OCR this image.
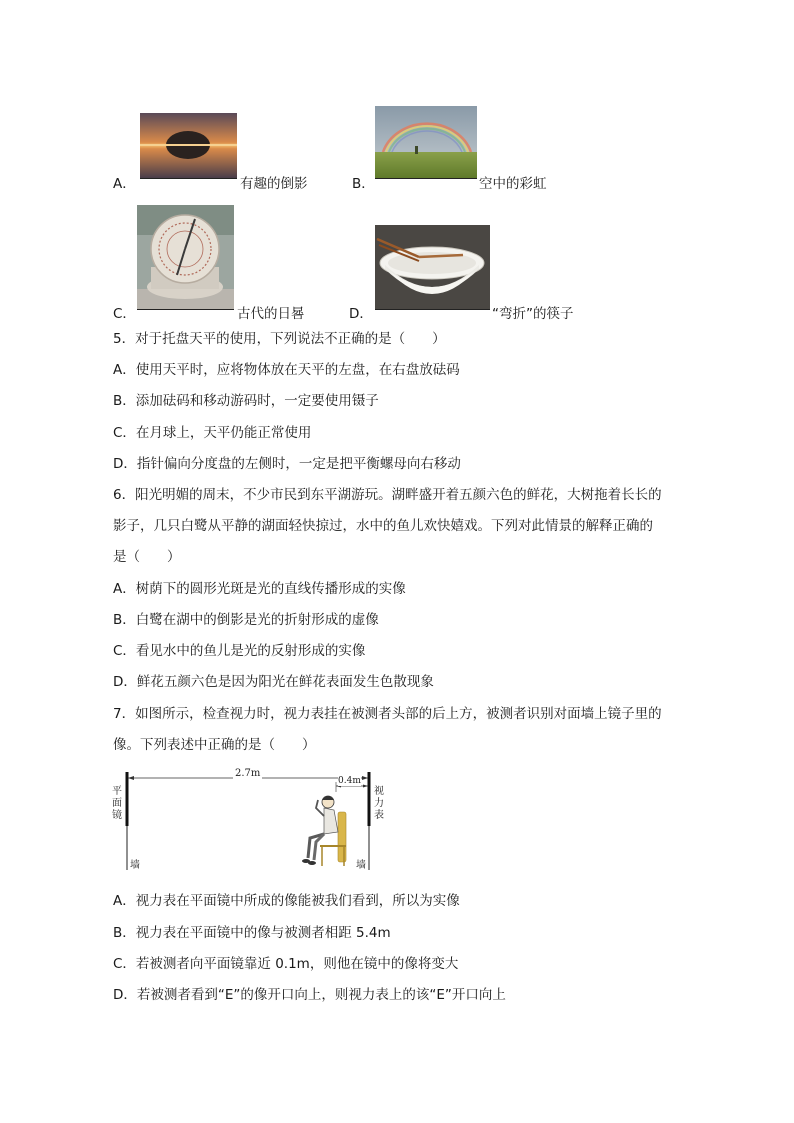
A．	有趣的倒影	B．	空中的彩虹
C．	古代的日晷	D．	“弯折”的筷子
5．对于托盘天平的使用，下列说法不正确的是（　　）
A．使用天平时，应将物体放在天平的左盘，在右盘放砝码
B．添加砝码和移动游码时，一定要使用镊子
C．在月球上，天平仍能正常使用
D．指针偏向分度盘的左侧时，一定是把平衡螺母向右移动
6．阳光明媚的周末，不少市民到东平湖游玩。湖畔盛开着五颜六色的鲜花，大树拖着长长的
影子，几只白鹭从平静的湖面轻快掠过，水中的鱼儿欢快嬉戏。下列对此情景的解释正确的
是（　　）
A．树荫下的圆形光斑是光的直线传播形成的实像
B．白鹭在湖中的倒影是光的折射形成的虚像
C．看见水中的鱼儿是光的反射形成的实像
D．鲜花五颜六色是因为阳光在鲜花表面发生色散现象
7．如图所示，检查视力时，视力表挂在被测者头部的后上方，被测者识别对面墙上镜子里的
像。下列表述中正确的是（　　）
2.7m
0.4m
平面镜
视力表
墙	墙
A．视力表在平面镜中所成的像能被我们看到，所以为实像
B．视力表在平面镜中的像与被测者相距 5.4m
C．若被测者向平面镜靠近 0.1m，则他在镜中的像将变大
D．若被测者看到“E”的像开口向上，则视力表上的该“E”开口向上
